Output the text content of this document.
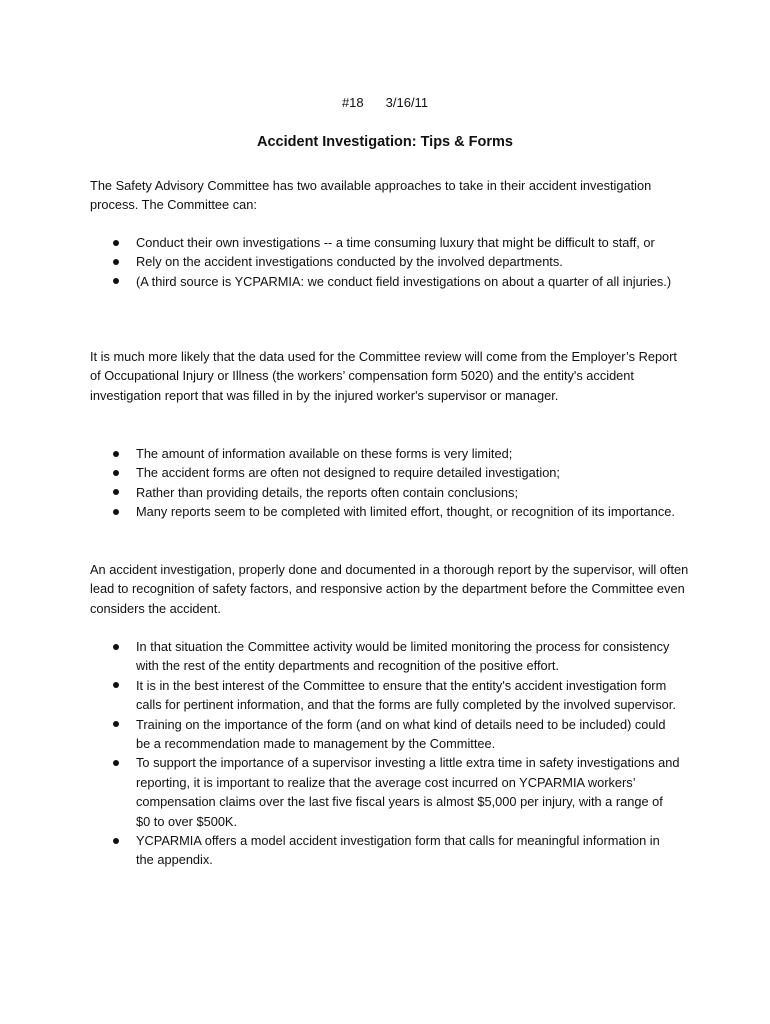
#18 3/16/11
Accident Investigation: Tips & Forms

The Safety Advisory Committee has two available approaches to take in their accident investigation process. The Committee can:

Conduct their own investigations -- a time consuming luxury that might be difficult to staff, or
Rely on the accident investigations conducted by the involved departments.
(A third source is YCPARMIA: we conduct field investigations on about a quarter of all injuries.)

It is much more likely that the data used for the Committee review will come from the Employer’s Report of Occupational Injury or Illness (the workers’ compensation form 5020) and the entity's accident investigation report that was filled in by the injured worker's supervisor or manager.

The amount of information available on these forms is very limited;
The accident forms are often not designed to require detailed investigation;
Rather than providing details, the reports often contain conclusions;
Many reports seem to be completed with limited effort, thought, or recognition of its importance.

An accident investigation, properly done and documented in a thorough report by the supervisor, will often lead to recognition of safety factors, and responsive action by the department before the Committee even considers the accident.

In that situation the Committee activity would be limited monitoring the process for consistency with the rest of the entity departments and recognition of the positive effort.
It is in the best interest of the Committee to ensure that the entity's accident investigation form calls for pertinent information, and that the forms are fully completed by the involved supervisor.
Training on the importance of the form (and on what kind of details need to be included) could be a recommendation made to management by the Committee.
To support the importance of a supervisor investing a little extra time in safety investigations and reporting, it is important to realize that the average cost incurred on YCPARMIA workers’ compensation claims over the last five fiscal years is almost $5,000 per injury, with a range of $0 to over $500K.
YCPARMIA offers a model accident investigation form that calls for meaningful information in the appendix.
